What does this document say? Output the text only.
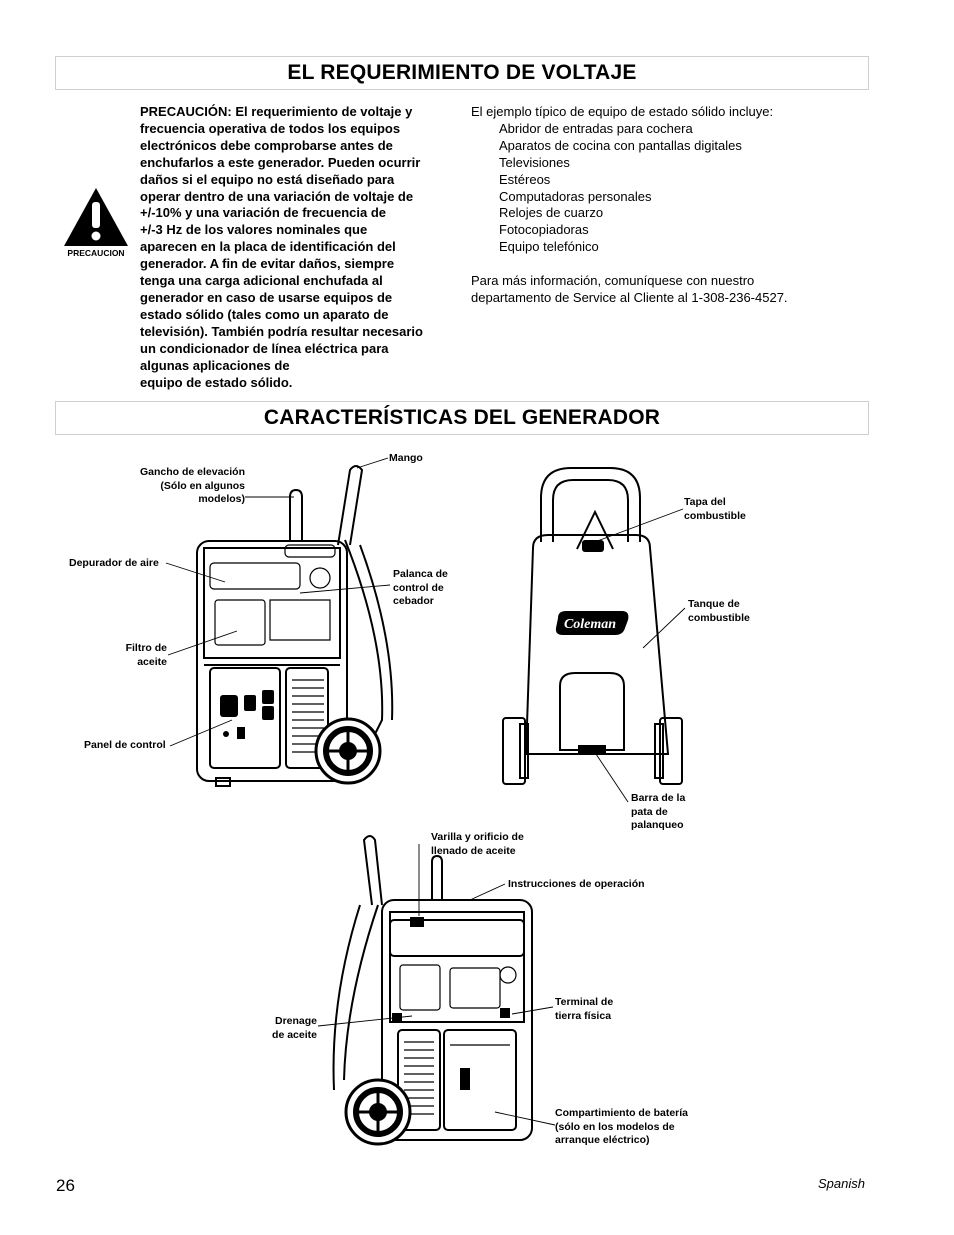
EL REQUERIMIENTO DE VOLTAJE
PRECAUCION

PRECAUCIÓN: El requerimiento de voltaje y
frecuencia operativa de todos los equipos
electrónicos debe comprobarse antes de
enchufarlos a este generador. Pueden ocurrir
daños si el equipo no está diseñado para
operar dentro de una variación de voltaje de
+/-10% y una variación de frecuencia de
+/-3 Hz de los valores nominales que
aparecen en la placa de identificación del
generador. A fin de evitar daños, siempre
tenga una carga adicional enchufada al
generador en caso de usarse equipos de
estado sólido (tales como un aparato de
televisión). También podría resultar necesario
un condicionador de línea eléctrica para
algunas aplicaciones de
equipo de estado sólido.

El ejemplo típico de equipo de estado sólido incluye:
Abridor de entradas para cochera
Aparatos de cocina con pantallas digitales
Televisiones
Estéreos
Computadoras personales
Relojes de cuarzo
Fotocopiadoras
Equipo telefónico
Para más información, comuníquese con nuestro
departamento de Service al Cliente al 1-308-236-4527.
CARACTERÍSTICAS DEL GENERADOR
Coleman
Gancho de elevación
(Sólo en algunos
modelos)
Mango
Depurador de aire
Palanca de
control de
cebador
Filtro de
aceite
Panel de control
Tapa del
combustible
Tanque de
combustible
Barra de la
pata de
palanqueo
Varilla y orificio de
llenado de aceite
Instrucciones de operación
Terminal de
tierra física
Drenage
de aceite
Compartimiento de batería
(sólo en los modelos de
arranque eléctrico)
26	Spanish
